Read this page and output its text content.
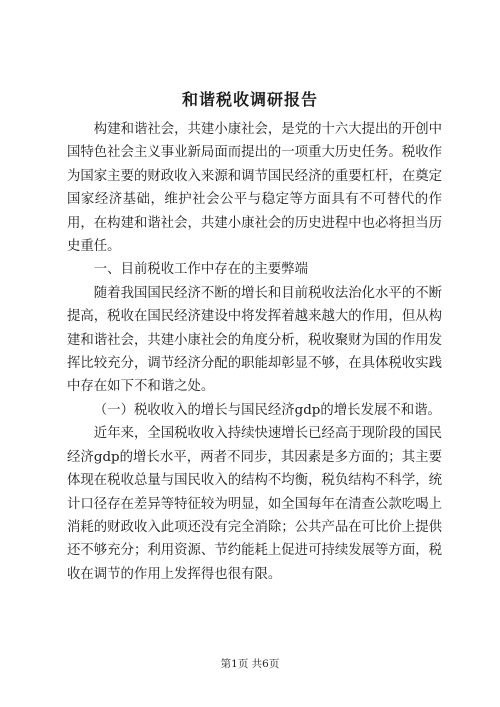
和谐税收调研报告

构建和谐社会，共建小康社会，是党的十六大提出的开创中国特色社会主义事业新局面而提出的一项重大历史任务。税收作为国家主要的财政收入来源和调节国民经济的重要杠杆，在奠定国家经济基础，维护社会公平与稳定等方面具有不可替代的作用，在构建和谐社会，共建小康社会的历史进程中也必将担当历史重任。

一、目前税收工作中存在的主要弊端

随着我国国民经济不断的增长和目前税收法治化水平的不断提高，税收在国民经济建设中将发挥着越来越大的作用，但从构建和谐社会，共建小康社会的角度分析，税收聚财为国的作用发挥比较充分，调节经济分配的职能却彰显不够，在具体税收实践中存在如下不和谐之处。

（一）税收收入的增长与国民经济gdp的增长发展不和谐。

近年来，全国税收收入持续快速增长已经高于现阶段的国民经济gdp的增长水平，两者不同步，其因素是多方面的；其主要体现在税收总量与国民收入的结构不均衡，税负结构不科学，统计口径存在差异等特征较为明显，如全国每年在清查公款吃喝上消耗的财政收入此项还没有完全消除；公共产品在可比价上提供还不够充分；利用资源、节约能耗上促进可持续发展等方面，税收在调节的作用上发挥得也很有限。

第1页 共6页
